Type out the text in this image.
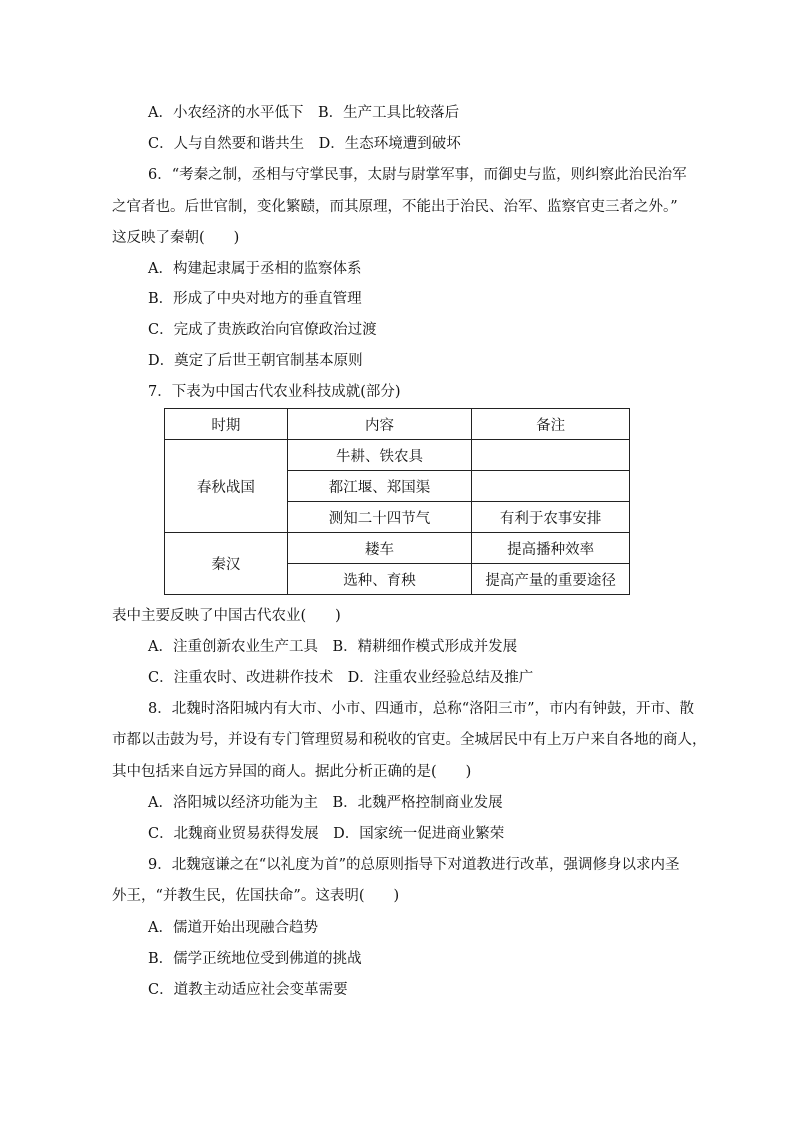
A．小农经济的水平低下　B．生产工具比较落后
C．人与自然要和谐共生　D．生态环境遭到破坏
6．“考秦之制，丞相与守掌民事，太尉与尉掌军事，而御史与监，则纠察此治民治军
之官者也。后世官制，变化繁赜，而其原理，不能出于治民、治军、监察官吏三者之外。”
这反映了秦朝(　　)
A．构建起隶属于丞相的监察体系
B．形成了中央对地方的垂直管理
C．完成了贵族政治向官僚政治过渡
D．奠定了后世王朝官制基本原则
7．下表为中国古代农业科技成就(部分)
时期	内容	备注
春秋战国	牛耕、铁农具	
	都江堰、郑国渠	
	测知二十四节气	有利于农事安排
秦汉	耧车	提高播种效率
	选种、育秧	提高产量的重要途径
表中主要反映了中国古代农业(　　)
A．注重创新农业生产工具　B．精耕细作模式形成并发展
C．注重农时、改进耕作技术　D．注重农业经验总结及推广
8．北魏时洛阳城内有大市、小市、四通市，总称“洛阳三市”，市内有钟鼓，开市、散
市都以击鼓为号，并设有专门管理贸易和税收的官吏。全城居民中有上万户来自各地的商人，
其中包括来自远方异国的商人。据此分析正确的是(　　)
A．洛阳城以经济功能为主　B．北魏严格控制商业发展
C．北魏商业贸易获得发展　D．国家统一促进商业繁荣
9．北魏寇谦之在“以礼度为首”的总原则指导下对道教进行改革，强调修身以求内圣
外王，“并教生民，佐国扶命”。这表明(　　)
A．儒道开始出现融合趋势
B．儒学正统地位受到佛道的挑战
C．道教主动适应社会变革需要
